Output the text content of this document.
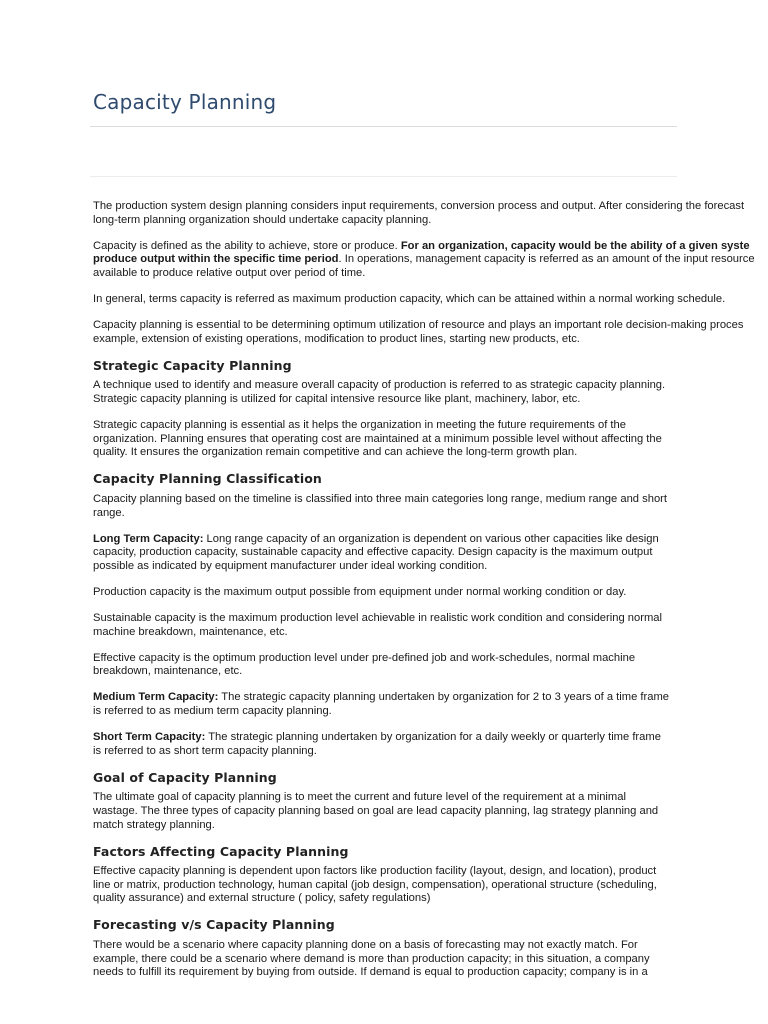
Capacity Planning

The production system design planning considers input requirements, conversion process and output. After considering the forecast
long-term planning organization should undertake capacity planning.

Capacity is defined as the ability to achieve, store or produce. For an organization, capacity would be the ability of a given syste
produce output within the specific time period. In operations, management capacity is referred as an amount of the input resource
available to produce relative output over period of time.

In general, terms capacity is referred as maximum production capacity, which can be attained within a normal working schedule.

Capacity planning is essential to be determining optimum utilization of resource and plays an important role decision-making proces
example, extension of existing operations, modification to product lines, starting new products, etc.

Strategic Capacity Planning

A technique used to identify and measure overall capacity of production is referred to as strategic capacity planning. Strategic capacity planning is utilized for capital intensive resource like plant, machinery, labor, etc.

Strategic capacity planning is essential as it helps the organization in meeting the future requirements of the organization. Planning ensures that operating cost are maintained at a minimum possible level without affecting the quality. It ensures the organization remain competitive and can achieve the long-term growth plan.

Capacity Planning Classification

Capacity planning based on the timeline is classified into three main categories long range, medium range and short range.

Long Term Capacity: Long range capacity of an organization is dependent on various other capacities like design capacity, production capacity, sustainable capacity and effective capacity. Design capacity is the maximum output possible as indicated by equipment manufacturer under ideal working condition.

Production capacity is the maximum output possible from equipment under normal working condition or day.

Sustainable capacity is the maximum production level achievable in realistic work condition and considering normal machine breakdown, maintenance, etc.

Effective capacity is the optimum production level under pre-defined job and work-schedules, normal machine breakdown, maintenance, etc.

Medium Term Capacity: The strategic capacity planning undertaken by organization for 2 to 3 years of a time frame is referred to as medium term capacity planning.

Short Term Capacity: The strategic planning undertaken by organization for a daily weekly or quarterly time frame is referred to as short term capacity planning.

Goal of Capacity Planning

The ultimate goal of capacity planning is to meet the current and future level of the requirement at a minimal wastage. The three types of capacity planning based on goal are lead capacity planning, lag strategy planning and match strategy planning.

Factors Affecting Capacity Planning

Effective capacity planning is dependent upon factors like production facility (layout, design, and location), product line or matrix, production technology, human capital (job design, compensation), operational structure (scheduling, quality assurance) and external structure ( policy, safety regulations)

Forecasting v/s Capacity Planning

There would be a scenario where capacity planning done on a basis of forecasting may not exactly match. For example, there could be a scenario where demand is more than production capacity; in this situation, a company needs to fulfill its requirement by buying from outside. If demand is equal to production capacity; company is in a
